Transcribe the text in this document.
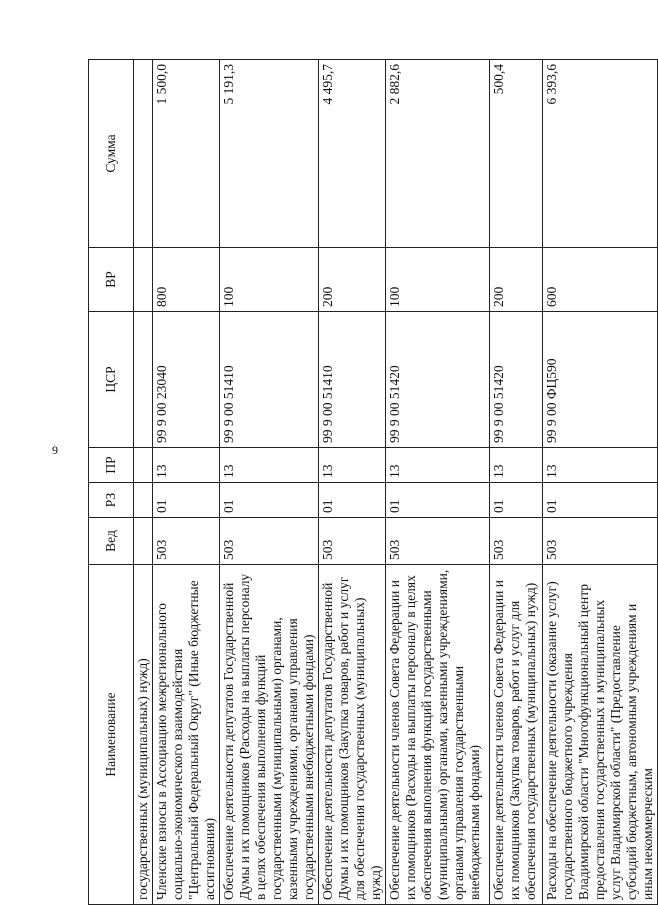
9
Наименование	Вед	РЗ	ПР	ЦСР	ВР	Сумма
государственных (муниципальных) нужд)						
Членские взносы в Ассоциацию межрегионального социально-экономического взаимодействия "Центральный Федеральный Округ" (Иные бюджетные ассигнования)	503	01	13	99 9 00 23040	800	1 500,0
Обеспечение деятельности депутатов Государственной Думы и их помощников (Расходы на выплаты персоналу в целях обеспечения выполнения функций государственными (муниципальными) органами, казенными учреждениями, органами управления государственными внебюджетными фондами)	503	01	13	99 9 00 51410	100	5 191,3
Обеспечение деятельности депутатов Государственной Думы и их помощников (Закупка товаров, работ и услуг для обеспечения государственных (муниципальных) нужд)	503	01	13	99 9 00 51410	200	4 495,7
Обеспечение деятельности членов Совета Федерации и их помощников (Расходы на выплаты персоналу в целях обеспечения выполнения функций государственными (муниципальными) органами, казенными учреждениями, органами управления государственными внебюджетными фондами)	503	01	13	99 9 00 51420	100	2 882,6
Обеспечение деятельности членов Совета Федерации и их помощников (Закупка товаров, работ и услуг для обеспечения государственных (муниципальных) нужд)	503	01	13	99 9 00 51420	200	500,4
Расходы на обеспечение деятельности (оказание услуг) государственного бюджетного учреждения Владимирской области "Многофункциональный центр предоставления государственных и муниципальных услуг Владимирской области" (Предоставление субсидий бюджетным, автономным учреждениям и иным некоммерческим	503	01	13	99 9 00 ФЦ590	600	6 393,6
